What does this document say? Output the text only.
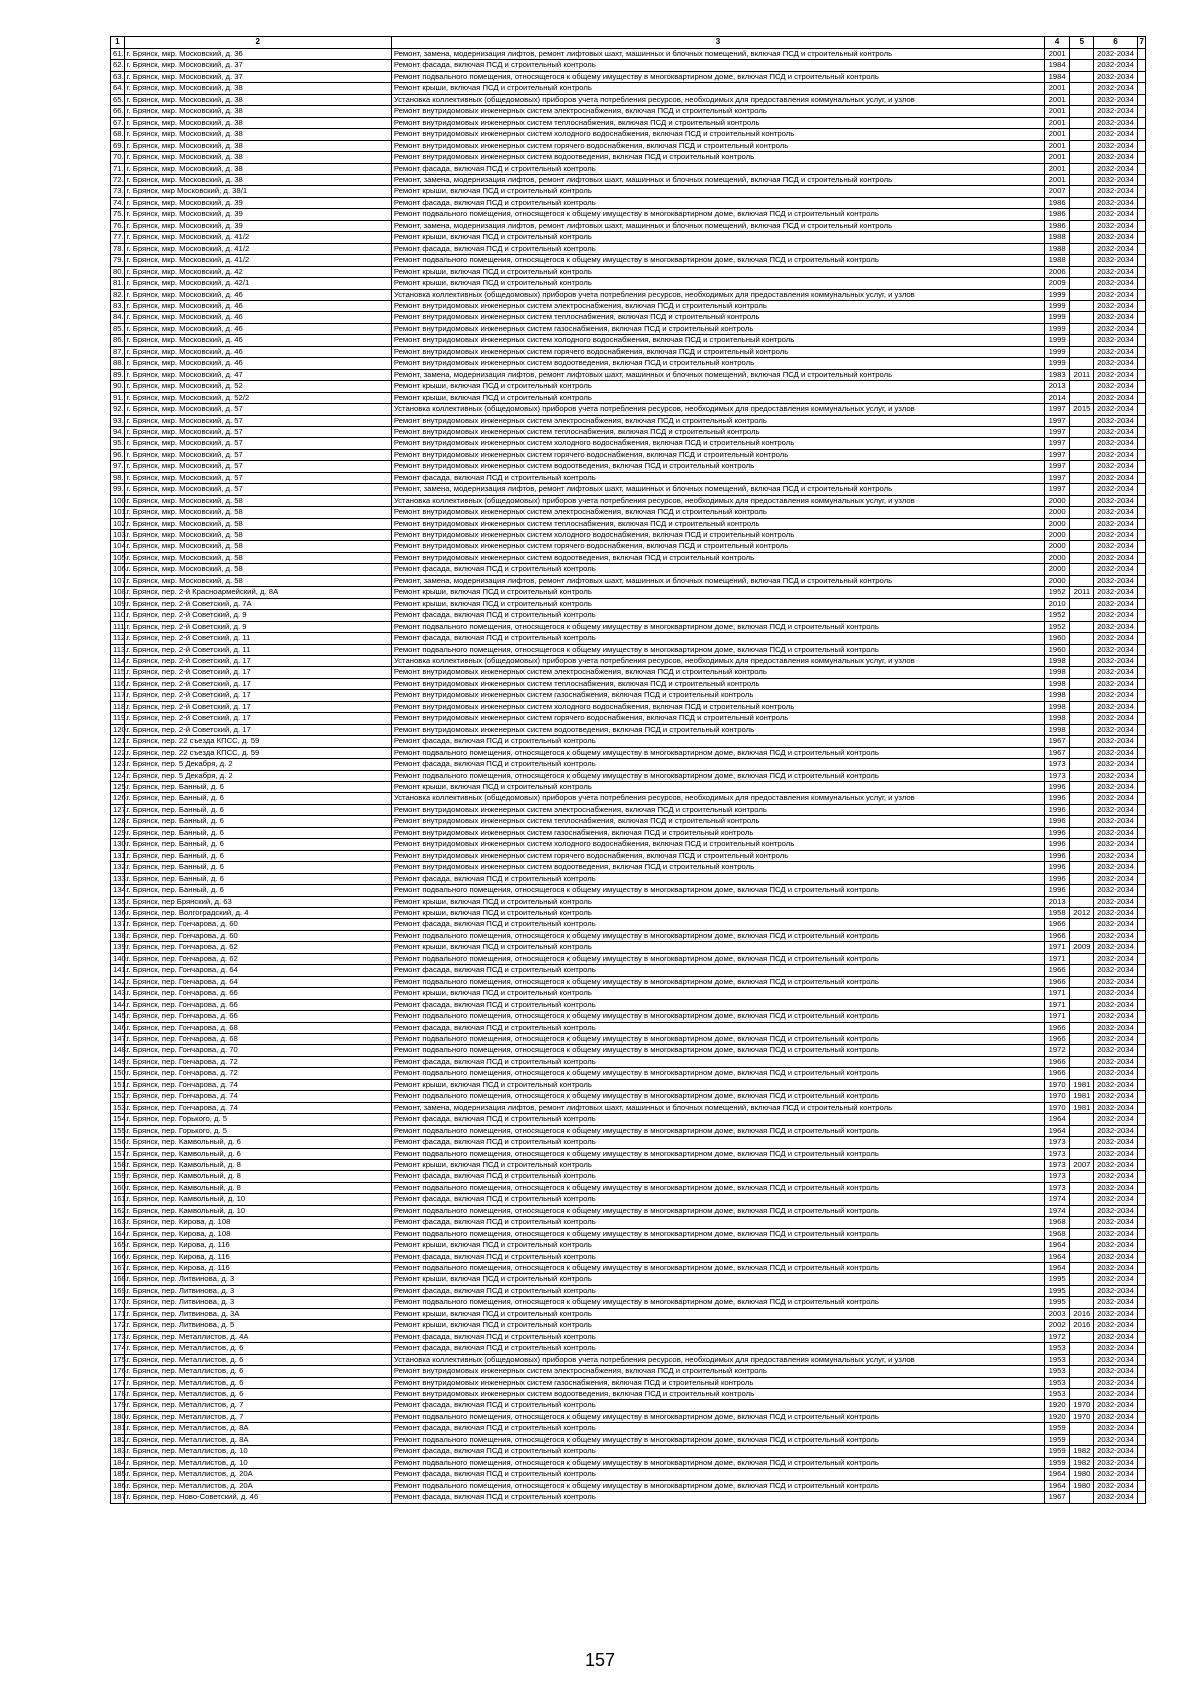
1	2	3	4	5	6	7
61.	г. Брянск, мкр. Московский, д. 36	Ремонт, замена, модернизация лифтов, ремонт лифтовых шахт, машинных и блочных помещений, включая ПСД и строительный контроль	2001		2032-2034	
62.	г. Брянск, мкр. Московский, д. 37	Ремонт фасада, включая ПСД и строительный контроль	1984		2032-2034	
63.	г. Брянск, мкр. Московский, д. 37	Ремонт подвального помещения, относящегося к общему имуществу в многоквартирном доме, включая ПСД и строительный контроль	1984		2032-2034	
64.	г. Брянск, мкр. Московский, д. 38	Ремонт крыши, включая ПСД и строительный контроль	2001		2032-2034	
65.	г. Брянск, мкр. Московский, д. 38	Установка коллективных (общедомовых) приборов учета потребления ресурсов, необходимых для предоставления коммунальных услуг, и узлов	2001		2032-2034	
66.	г. Брянск, мкр. Московский, д. 38	Ремонт внутридомовых инженерных систем электроснабжения, включая ПСД и строительный контроль	2001		2032-2034	
67.	г. Брянск, мкр. Московский, д. 38	Ремонт внутридомовых инженерных систем теплоснабжения, включая ПСД и строительный контроль	2001		2032-2034	
68.	г. Брянск, мкр. Московский, д. 38	Ремонт внутридомовых инженерных систем холодного водоснабжения, включая ПСД и строительный контроль	2001		2032-2034	
69.	г. Брянск, мкр. Московский, д. 38	Ремонт внутридомовых инженерных систем горячего водоснабжения, включая ПСД и строительный контроль	2001		2032-2034	
70.	г. Брянск, мкр. Московский, д. 38	Ремонт внутридомовых инженерных систем водоотведения, включая ПСД и строительный контроль	2001		2032-2034	
71.	г. Брянск, мкр. Московский, д. 38	Ремонт фасада, включая ПСД и строительный контроль	2001		2032-2034	
72.	г. Брянск, мкр. Московский, д. 38	Ремонт, замена, модернизация лифтов, ремонт лифтовых шахт, машинных и блочных помещений, включая ПСД и строительный контроль	2001		2032-2034	
73.	г. Брянск, мкр Московский, д. 38/1	Ремонт крыши, включая ПСД и строительный контроль	2007		2032-2034	
74.	г. Брянск, мкр. Московский, д. 39	Ремонт фасада, включая ПСД и строительный контроль	1986		2032-2034	
75.	г. Брянск, мкр. Московский, д. 39	Ремонт подвального помещения, относящегося к общему имуществу в многоквартирном доме, включая ПСД и строительный контроль	1986		2032-2034	
76.	г. Брянск, мкр. Московский, д. 39	Ремонт, замена, модернизация лифтов, ремонт лифтовых шахт, машинных и блочных помещений, включая ПСД и строительный контроль	1986		2032-2034	
77.	г. Брянск, мкр. Московский, д. 41/2	Ремонт крыши, включая ПСД и строительный контроль	1988		2032-2034	
78.	г. Брянск, мкр. Московский, д. 41/2	Ремонт фасада, включая ПСД и строительный контроль	1988		2032-2034	
79.	г. Брянск, мкр. Московский, д. 41/2	Ремонт подвального помещения, относящегося к общему имуществу в многоквартирном доме, включая ПСД и строительный контроль	1988		2032-2034	
80.	г. Брянск, мкр. Московский, д. 42	Ремонт крыши, включая ПСД и строительный контроль	2006		2032-2034	
81.	г. Брянск, мкр. Московский, д. 42/1	Ремонт крыши, включая ПСД и строительный контроль	2009		2032-2034	
82.	г. Брянск, мкр. Московский, д. 46	Установка коллективных (общедомовых) приборов учета потребления ресурсов, необходимых для предоставления коммунальных услуг, и узлов	1999		2032-2034	
83.	г. Брянск, мкр. Московский, д. 46	Ремонт внутридомовых инженерных систем электроснабжения, включая ПСД и строительный контроль	1999		2032-2034	
84.	г. Брянск, мкр. Московский, д. 46	Ремонт внутридомовых инженерных систем теплоснабжения, включая ПСД и строительный контроль	1999		2032-2034	
85.	г. Брянск, мкр. Московский, д. 46	Ремонт внутридомовых инженерных систем газоснабжения, включая ПСД и строительный контроль	1999		2032-2034	
86.	г. Брянск, мкр. Московский, д. 46	Ремонт внутридомовых инженерных систем холодного водоснабжения, включая ПСД и строительный контроль	1999		2032-2034	
87.	г. Брянск, мкр. Московский, д. 46	Ремонт внутридомовых инженерных систем горячего водоснабжения, включая ПСД и строительный контроль	1999		2032-2034	
88.	г. Брянск, мкр. Московский, д. 46	Ремонт внутридомовых инженерных систем водоотведения, включая ПСД и строительный контроль	1999		2032-2034	
89.	г. Брянск, мкр. Московский, д. 47	Ремонт, замена, модернизация лифтов, ремонт лифтовых шахт, машинных и блочных помещений, включая ПСД и строительный контроль	1983	2011	2032-2034	
90.	г. Брянск, мкр. Московский, д. 52	Ремонт крыши, включая ПСД и строительный контроль	2013		2032-2034	
91.	г. Брянск, мкр. Московский, д. 52/2	Ремонт крыши, включая ПСД и строительный контроль	2014		2032-2034	
92.	г. Брянск, мкр. Московский, д. 57	Установка коллективных (общедомовых) приборов учета потребления ресурсов, необходимых для предоставления коммунальных услуг, и узлов	1997	2015	2032-2034	
93.	г. Брянск, мкр. Московский, д. 57	Ремонт внутридомовых инженерных систем электроснабжения, включая ПСД и строительный контроль	1997		2032-2034	
94.	г. Брянск, мкр. Московский, д. 57	Ремонт внутридомовых инженерных систем теплоснабжения, включая ПСД и строительный контроль	1997		2032-2034	
95.	г. Брянск, мкр. Московский, д. 57	Ремонт внутридомовых инженерных систем холодного водоснабжения, включая ПСД и строительный контроль	1997		2032-2034	
96.	г. Брянск, мкр. Московский, д. 57	Ремонт внутридомовых инженерных систем горячего водоснабжения, включая ПСД и строительный контроль	1997		2032-2034	
97.	г. Брянск, мкр. Московский, д. 57	Ремонт внутридомовых инженерных систем водоотведения, включая ПСД и строительный контроль	1997		2032-2034	
98.	г. Брянск, мкр. Московский, д. 57	Ремонт фасада, включая ПСД и строительный контроль	1997		2032-2034	
99.	г. Брянск, мкр. Московский, д. 57	Ремонт, замена, модернизация лифтов, ремонт лифтовых шахт, машинных и блочных помещений, включая ПСД и строительный контроль	1997		2032-2034	
100.	г. Брянск, мкр. Московский, д. 58	Установка коллективных (общедомовых) приборов учета потребления ресурсов, необходимых для предоставления коммунальных услуг, и узлов	2000		2032-2034	
101.	г. Брянск, мкр. Московский, д. 58	Ремонт внутридомовых инженерных систем электроснабжения, включая ПСД и строительный контроль	2000		2032-2034	
102.	г. Брянск, мкр. Московский, д. 58	Ремонт внутридомовых инженерных систем теплоснабжения, включая ПСД и строительный контроль	2000		2032-2034	
103.	г. Брянск, мкр. Московский, д. 58	Ремонт внутридомовых инженерных систем холодного водоснабжения, включая ПСД и строительный контроль	2000		2032-2034	
104.	г. Брянск, мкр. Московский, д. 58	Ремонт внутридомовых инженерных систем горячего водоснабжения, включая ПСД и строительный контроль	2000		2032-2034	
105.	г. Брянск, мкр. Московский, д. 58	Ремонт внутридомовых инженерных систем водоотведения, включая ПСД и строительный контроль	2000		2032-2034	
106.	г. Брянск, мкр. Московский, д. 58	Ремонт фасада, включая ПСД и строительный контроль	2000		2032-2034	
107.	г. Брянск, мкр. Московский, д. 58	Ремонт, замена, модернизация лифтов, ремонт лифтовых шахт, машинных и блочных помещений, включая ПСД и строительный контроль	2000		2032-2034	
108.	г. Брянск, пер. 2-й Красноармейский, д. 8А	Ремонт крыши, включая ПСД и строительный контроль	1952	2011	2032-2034	
109.	г. Брянск, пер. 2-й Советский, д. 7А	Ремонт крыши, включая ПСД и строительный контроль	2010		2032-2034	
110.	г. Брянск, пер. 2-й Советский, д. 9	Ремонт фасада, включая ПСД и строительный контроль	1952		2032-2034	
111.	г. Брянск, пер. 2-й Советский, д. 9	Ремонт подвального помещения, относящегося к общему имуществу в многоквартирном доме, включая ПСД и строительный контроль	1952		2032-2034	
112.	г. Брянск, пер. 2-й Советский, д. 11	Ремонт фасада, включая ПСД и строительный контроль	1960		2032-2034	
113.	г. Брянск, пер. 2-й Советский, д. 11	Ремонт подвального помещения, относящегося к общему имуществу в многоквартирном доме, включая ПСД и строительный контроль	1960		2032-2034	
114.	г. Брянск, пер. 2-й Советский, д. 17	Установка коллективных (общедомовых) приборов учета потребления ресурсов, необходимых для предоставления коммунальных услуг, и узлов	1998		2032-2034	
115.	г. Брянск, пер. 2-й Советский, д. 17	Ремонт внутридомовых инженерных систем электроснабжения, включая ПСД и строительный контроль	1998		2032-2034	
116.	г. Брянск, пер. 2-й Советский, д. 17	Ремонт внутридомовых инженерных систем теплоснабжения, включая ПСД и строительный контроль	1998		2032-2034	
117.	г. Брянск, пер. 2-й Советский, д. 17	Ремонт внутридомовых инженерных систем газоснабжения, включая ПСД и строительный контроль	1998		2032-2034	
118.	г. Брянск, пер. 2-й Советский, д. 17	Ремонт внутридомовых инженерных систем холодного водоснабжения, включая ПСД и строительный контроль	1998		2032-2034	
119.	г. Брянск, пер. 2-й Советский, д. 17	Ремонт внутридомовых инженерных систем горячего водоснабжения, включая ПСД и строительный контроль	1998		2032-2034	
120.	г. Брянск, пер. 2-й Советский, д. 17	Ремонт внутридомовых инженерных систем водоотведения, включая ПСД и строительный контроль	1998		2032-2034	
121.	г. Брянск, пер. 22 съезда КПСС, д. 59	Ремонт фасада, включая ПСД и строительный контроль	1967		2032-2034	
122.	г. Брянск, пер. 22 съезда КПСС, д. 59	Ремонт подвального помещения, относящегося к общему имуществу в многоквартирном доме, включая ПСД и строительный контроль	1967		2032-2034	
123.	г. Брянск, пер. 5 Декабря, д. 2	Ремонт фасада, включая ПСД и строительный контроль	1973		2032-2034	
124.	г. Брянск, пер. 5 Декабря, д. 2	Ремонт подвального помещения, относящегося к общему имуществу в многоквартирном доме, включая ПСД и строительный контроль	1973		2032-2034	
125.	г. Брянск, пер. Банный, д. 6	Ремонт крыши, включая ПСД и строительный контроль	1996		2032-2034	
126.	г. Брянск, пер. Банный, д. 6	Установка коллективных (общедомовых) приборов учета потребления ресурсов, необходимых для предоставления коммунальных услуг, и узлов	1996		2032-2034	
127.	г. Брянск, пер. Банный, д. 6	Ремонт внутридомовых инженерных систем электроснабжения, включая ПСД и строительный контроль	1996		2032-2034	
128.	г. Брянск, пер. Банный, д. 6	Ремонт внутридомовых инженерных систем теплоснабжения, включая ПСД и строительный контроль	1996		2032-2034	
129.	г. Брянск, пер. Банный, д. 6	Ремонт внутридомовых инженерных систем газоснабжения, включая ПСД и строительный контроль	1996		2032-2034	
130.	г. Брянск, пер. Банный, д. 6	Ремонт внутридомовых инженерных систем холодного водоснабжения, включая ПСД и строительный контроль	1996		2032-2034	
131.	г. Брянск, пер. Банный, д. 6	Ремонт внутридомовых инженерных систем горячего водоснабжения, включая ПСД и строительный контроль	1996		2032-2034	
132.	г. Брянск, пер. Банный, д. 6	Ремонт внутридомовых инженерных систем водоотведения, включая ПСД и строительный контроль	1996		2032-2034	
133.	г. Брянск, пер. Банный, д. 6	Ремонт фасада, включая ПСД и строительный контроль	1996		2032-2034	
134.	г. Брянск, пер. Банный, д. 6	Ремонт подвального помещения, относящегося к общему имуществу в многоквартирном доме, включая ПСД и строительный контроль	1996		2032-2034	
135.	г. Брянск, пер Брянский, д. 63	Ремонт крыши, включая ПСД и строительный контроль	2013		2032-2034	
136.	г. Брянск, пер. Волгоградский, д. 4	Ремонт крыши, включая ПСД и строительный контроль	1958	2012	2032-2034	
137.	г. Брянск, пер. Гончарова, д. 60	Ремонт фасада, включая ПСД и строительный контроль	1966		2032-2034	
138.	г. Брянск, пер. Гончарова, д. 60	Ремонт подвального помещения, относящегося к общему имуществу в многоквартирном доме, включая ПСД и строительный контроль	1966		2032-2034	
139.	г. Брянск, пер. Гончарова, д. 62	Ремонт крыши, включая ПСД и строительный контроль	1971	2009	2032-2034	
140.	г. Брянск, пер. Гончарова, д. 62	Ремонт подвального помещения, относящегося к общему имуществу в многоквартирном доме, включая ПСД и строительный контроль	1971		2032-2034	
141.	г. Брянск, пер. Гончарова, д. 64	Ремонт фасада, включая ПСД и строительный контроль	1966		2032-2034	
142.	г. Брянск, пер. Гончарова, д. 64	Ремонт подвального помещения, относящегося к общему имуществу в многоквартирном доме, включая ПСД и строительный контроль	1966		2032-2034	
143.	г. Брянск, пер. Гончарова, д. 66	Ремонт крыши, включая ПСД и строительный контроль	1971		2032-2034	
144.	г. Брянск, пер. Гончарова, д. 66	Ремонт фасада, включая ПСД и строительный контроль	1971		2032-2034	
145.	г. Брянск, пер. Гончарова, д. 66	Ремонт подвального помещения, относящегося к общему имуществу в многоквартирном доме, включая ПСД и строительный контроль	1971		2032-2034	
146.	г. Брянск, пер. Гончарова, д. 68	Ремонт фасада, включая ПСД и строительный контроль	1966		2032-2034	
147.	г. Брянск, пер. Гончарова, д. 68	Ремонт подвального помещения, относящегося к общему имуществу в многоквартирном доме, включая ПСД и строительный контроль	1966		2032-2034	
148.	г. Брянск, пер. Гончарова, д. 70	Ремонт подвального помещения, относящегося к общему имуществу в многоквартирном доме, включая ПСД и строительный контроль	1972		2032-2034	
149.	г. Брянск, пер. Гончарова, д. 72	Ремонт фасада, включая ПСД и строительный контроль	1966		2032-2034	
150.	г. Брянск, пер. Гончарова, д. 72	Ремонт подвального помещения, относящегося к общему имуществу в многоквартирном доме, включая ПСД и строительный контроль	1966		2032-2034	
151.	г. Брянск, пер. Гончарова, д. 74	Ремонт крыши, включая ПСД и строительный контроль	1970	1981	2032-2034	
152.	г. Брянск, пер. Гончарова, д. 74	Ремонт подвального помещения, относящегося к общему имуществу в многоквартирном доме, включая ПСД и строительный контроль	1970	1981	2032-2034	
153.	г. Брянск, пер. Гончарова, д. 74	Ремонт, замена, модернизация лифтов, ремонт лифтовых шахт, машинных и блочных помещений, включая ПСД и строительный контроль	1970	1981	2032-2034	
154.	г. Брянск, пер. Горького, д. 5	Ремонт фасада, включая ПСД и строительный контроль	1964		2032-2034	
155.	г. Брянск, пер. Горького, д. 5	Ремонт подвального помещения, относящегося к общему имуществу в многоквартирном доме, включая ПСД и строительный контроль	1964		2032-2034	
156.	г. Брянск, пер. Камвольный, д. 6	Ремонт фасада, включая ПСД и строительный контроль	1973		2032-2034	
157.	г. Брянск, пер. Камвольный, д. 6	Ремонт подвального помещения, относящегося к общему имуществу в многоквартирном доме, включая ПСД и строительный контроль	1973		2032-2034	
158.	г. Брянск, пер. Камвольный, д. 8	Ремонт крыши, включая ПСД и строительный контроль	1973	2007	2032-2034	
159.	г. Брянск, пер. Камвольный, д. 8	Ремонт фасада, включая ПСД и строительный контроль	1973		2032-2034	
160.	г. Брянск, пер. Камвольный, д. 8	Ремонт подвального помещения, относящегося к общему имуществу в многоквартирном доме, включая ПСД и строительный контроль	1973		2032-2034	
161.	г. Брянск, пер. Камвольный, д. 10	Ремонт фасада, включая ПСД и строительный контроль	1974		2032-2034	
162.	г. Брянск, пер. Камвольный, д. 10	Ремонт подвального помещения, относящегося к общему имуществу в многоквартирном доме, включая ПСД и строительный контроль	1974		2032-2034	
163.	г. Брянск, пер. Кирова, д. 108	Ремонт фасада, включая ПСД и строительный контроль	1968		2032-2034	
164.	г. Брянск, пер. Кирова, д. 108	Ремонт подвального помещения, относящегося к общему имуществу в многоквартирном доме, включая ПСД и строительный контроль	1968		2032-2034	
165.	г. Брянск, пер. Кирова, д. 116	Ремонт крыши, включая ПСД и строительный контроль	1964		2032-2034	
166.	г. Брянск, пер. Кирова, д. 116	Ремонт фасада, включая ПСД и строительный контроль	1964		2032-2034	
167.	г. Брянск, пер. Кирова, д. 116	Ремонт подвального помещения, относящегося к общему имуществу в многоквартирном доме, включая ПСД и строительный контроль	1964		2032-2034	
168.	г. Брянск, пер. Литвинова, д. 3	Ремонт крыши, включая ПСД и строительный контроль	1995		2032-2034	
169.	г. Брянск, пер. Литвинова, д. 3	Ремонт фасада, включая ПСД и строительный контроль	1995		2032-2034	
170.	г. Брянск, пер. Литвинова, д. 3	Ремонт подвального помещения, относящегося к общему имуществу в многоквартирном доме, включая ПСД и строительный контроль	1995		2032-2034	
171.	г. Брянск, пер. Литвинова, д. 3А	Ремонт крыши, включая ПСД и строительный контроль	2003	2016	2032-2034	
172.	г. Брянск, пер. Литвинова, д. 5	Ремонт крыши, включая ПСД и строительный контроль	2002	2016	2032-2034	
173.	г. Брянск, пер. Металлистов, д. 4А	Ремонт фасада, включая ПСД и строительный контроль	1972		2032-2034	
174.	г. Брянск, пер. Металлистов, д. 6	Ремонт фасада, включая ПСД и строительный контроль	1953		2032-2034	
175.	г. Брянск, пер. Металлистов, д. 6	Установка коллективных (общедомовых) приборов учета потребления ресурсов, необходимых для предоставления коммунальных услуг, и узлов	1953		2032-2034	
176.	г. Брянск, пер. Металлистов, д. 6	Ремонт внутридомовых инженерных систем электроснабжения, включая ПСД и строительный контроль	1953		2032-2034	
177.	г. Брянск, пер. Металлистов, д. 6	Ремонт внутридомовых инженерных систем газоснабжения, включая ПСД и строительный контроль	1953		2032-2034	
178.	г. Брянск, пер. Металлистов, д. 6	Ремонт внутридомовых инженерных систем водоотведения, включая ПСД и строительный контроль	1953		2032-2034	
179.	г. Брянск, пер. Металлистов, д. 7	Ремонт фасада, включая ПСД и строительный контроль	1920	1970	2032-2034	
180.	г. Брянск, пер. Металлистов, д. 7	Ремонт подвального помещения, относящегося к общему имуществу в многоквартирном доме, включая ПСД и строительный контроль	1920	1970	2032-2034	
181.	г. Брянск, пер. Металлистов, д. 8А	Ремонт фасада, включая ПСД и строительный контроль	1959		2032-2034	
182.	г. Брянск, пер. Металлистов, д. 8А	Ремонт подвального помещения, относящегося к общему имуществу в многоквартирном доме, включая ПСД и строительный контроль	1959		2032-2034	
183.	г. Брянск, пер. Металлистов, д. 10	Ремонт фасада, включая ПСД и строительный контроль	1959	1982	2032-2034	
184.	г. Брянск, пер. Металлистов, д. 10	Ремонт подвального помещения, относящегося к общему имуществу в многоквартирном доме, включая ПСД и строительный контроль	1959	1982	2032-2034	
185.	г. Брянск, пер. Металлистов, д. 20А	Ремонт фасада, включая ПСД и строительный контроль	1964	1980	2032-2034	
186.	г. Брянск, пер. Металлистов, д. 20А	Ремонт подвального помещения, относящегося к общему имуществу в многоквартирном доме, включая ПСД и строительный контроль	1964	1980	2032-2034	
187.	г. Брянск, пер. Ново-Советский, д. 46	Ремонт фасада, включая ПСД и строительный контроль	1967		2032-2034	
157
